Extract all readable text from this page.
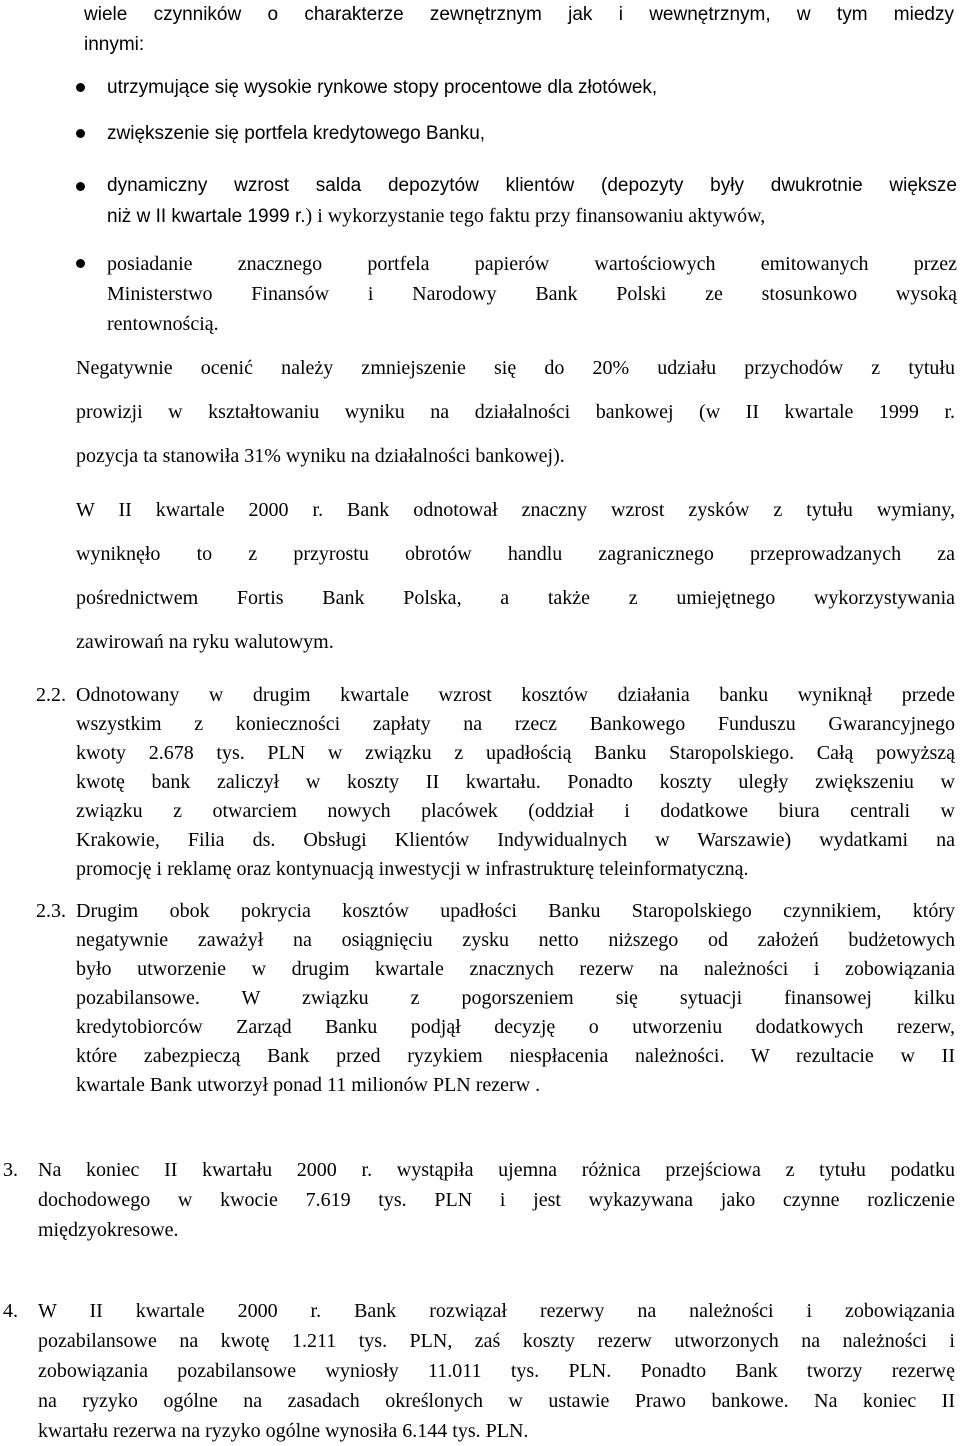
wiele czynników o charakterze zewnętrznym jak i wewnętrznym, w tym miedzy
innymi:
utrzymujące się wysokie rynkowe stopy procentowe dla złotówek,
zwiększenie się portfela kredytowego Banku,
dynamiczny wzrost salda depozytów klientów (depozyty były dwukrotnie większe
niż w II kwartale 1999 r.) i wykorzystanie tego faktu przy finansowaniu aktywów,
posiadanie znacznego portfela papierów wartościowych emitowanych przez
Ministerstwo Finansów i Narodowy Bank Polski ze stosunkowo wysoką
rentownością.
Negatywnie ocenić należy zmniejszenie się do 20% udziału przychodów z tytułu
prowizji w kształtowaniu wyniku na działalności bankowej (w II kwartale 1999 r.
pozycja ta stanowiła 31% wyniku na działalności bankowej).
W II kwartale 2000 r. Bank odnotował znaczny wzrost zysków z tytułu wymiany,
wyniknęło to z przyrostu obrotów handlu zagranicznego przeprowadzanych za
pośrednictwem Fortis Bank Polska, a także z umiejętnego wykorzystywania
zawirowań na ryku walutowym.
2.2. Odnotowany w drugim kwartale wzrost kosztów działania banku wyniknął przede
wszystkim z konieczności zapłaty na rzecz Bankowego Funduszu Gwarancyjnego
kwoty 2.678 tys. PLN w związku z upadłością Banku Staropolskiego. Całą powyższą
kwotę bank zaliczył w koszty II kwartału. Ponadto koszty uległy zwiększeniu w
związku z otwarciem nowych placówek (oddział i dodatkowe biura centrali w
Krakowie, Filia ds. Obsługi Klientów Indywidualnych w Warszawie) wydatkami na
promocję i reklamę oraz kontynuacją inwestycji w infrastrukturę teleinformatyczną.
2.3. Drugim obok pokrycia kosztów upadłości Banku Staropolskiego czynnikiem, który
negatywnie zaważył na osiągnięciu zysku netto niższego od założeń budżetowych
było utworzenie w drugim kwartale znacznych rezerw na należności i zobowiązania
pozabilansowe. W związku z pogorszeniem się sytuacji finansowej kilku
kredytobiorców Zarząd Banku podjął decyzję o utworzeniu dodatkowych rezerw,
które zabezpieczą Bank przed ryzykiem niespłacenia należności. W rezultacie w II
kwartale Bank utworzył ponad 11 milionów PLN rezerw .
3. Na koniec II kwartału 2000 r. wystąpiła ujemna różnica przejściowa z tytułu podatku
dochodowego w kwocie 7.619 tys. PLN i jest wykazywana jako czynne rozliczenie
międzyokresowe.
4. W II kwartale 2000 r. Bank rozwiązał rezerwy na należności i zobowiązania
pozabilansowe na kwotę 1.211 tys. PLN, zaś koszty rezerw utworzonych na należności i
zobowiązania pozabilansowe wyniosły 11.011 tys. PLN. Ponadto Bank tworzy rezerwę
na ryzyko ogólne na zasadach określonych w ustawie Prawo bankowe. Na koniec II
kwartału rezerwa na ryzyko ogólne wynosiła 6.144 tys. PLN.
